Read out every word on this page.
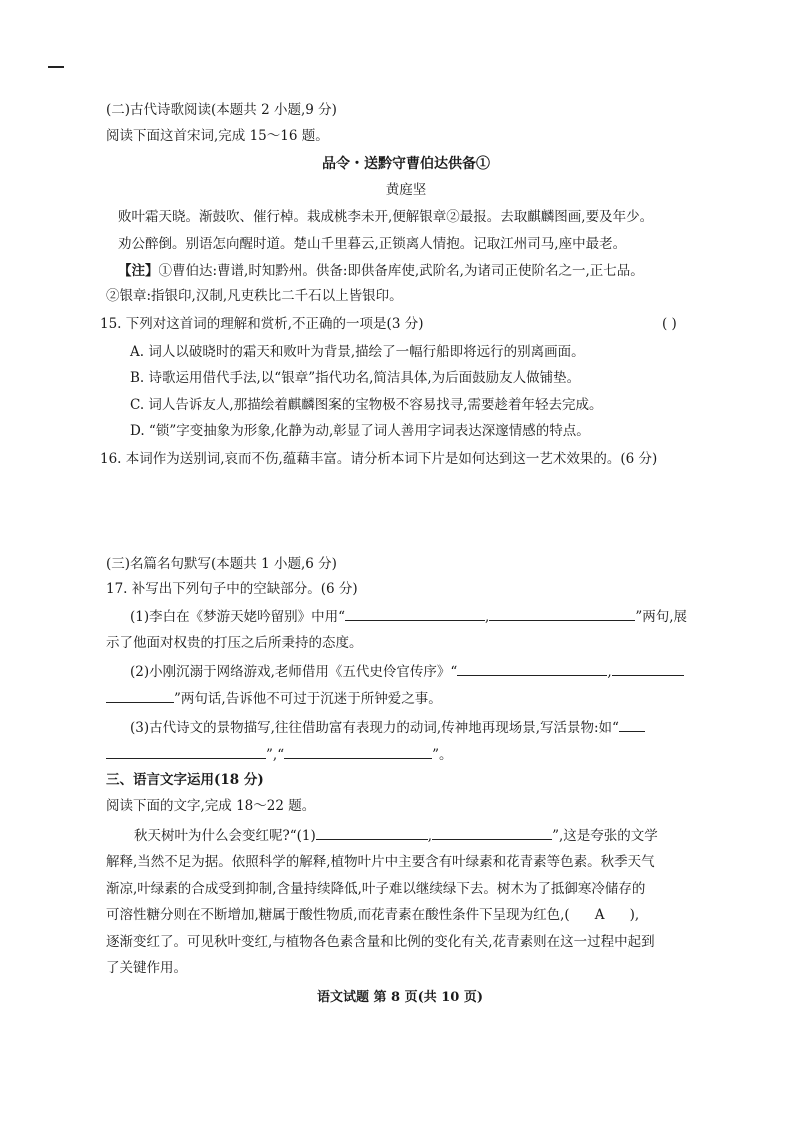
(二)古代诗歌阅读(本题共 2 小题,9 分)
阅读下面这首宋词,完成 15～16 题。
品令・送黔守曹伯达供备①
黄庭坚
败叶霜天晓。渐鼓吹、催行棹。栽成桃李未开,便解银章②最报。去取麒麟图画,要及年少。
劝公醉倒。别语怎向醒时道。楚山千里暮云,正锁离人情抱。记取江州司马,座中最老。
【注】①曹伯达:曹谱,时知黔州。供备:即供备库使,武阶名,为诸司正使阶名之一,正七品。
②银章:指银印,汉制,凡吏秩比二千石以上皆银印。
15. 下列对这首词的理解和赏析,不正确的一项是(3 分)	( )
A. 词人以破晓时的霜天和败叶为背景,描绘了一幅行船即将远行的别离画面。
B. 诗歌运用借代手法,以“银章”指代功名,简洁具体,为后面鼓励友人做铺垫。
C. 词人告诉友人,那描绘着麒麟图案的宝物极不容易找寻,需要趁着年轻去完成。
D. “锁”字变抽象为形象,化静为动,彰显了词人善用字词表达深邃情感的特点。
16. 本词作为送别词,哀而不伤,蕴藉丰富。请分析本词下片是如何达到这一艺术效果的。(6 分)
(三)名篇名句默写(本题共 1 小题,6 分)
17. 补写出下列句子中的空缺部分。(6 分)
(1)李白在《梦游天姥吟留别》中用“	,	”两句,展
示了他面对权贵的打压之后所秉持的态度。
(2)小刚沉溺于网络游戏,老师借用《五代史伶官传序》“	,
”两句话,告诉他不可过于沉迷于所钟爱之事。
(3)古代诗文的景物描写,往往借助富有表现力的动词,传神地再现场景,写活景物:如“
”,“	”。
三、语言文字运用(18 分)
阅读下面的文字,完成 18～22 题。
秋天树叶为什么会变红呢?“(1)	,	”,这是夸张的文学
解释,当然不足为据。依照科学的解释,植物叶片中主要含有叶绿素和花青素等色素。秋季天气
渐凉,叶绿素的合成受到抑制,含量持续降低,叶子难以继续绿下去。树木为了抵御寒冷储存的
可溶性糖分则在不断增加,糖属于酸性物质,而花青素在酸性条件下呈现为红色,( A ),
逐渐变红了。可见秋叶变红,与植物各色素含量和比例的变化有关,花青素则在这一过程中起到
了关键作用。
语文试题 第 8 页(共 10 页)
